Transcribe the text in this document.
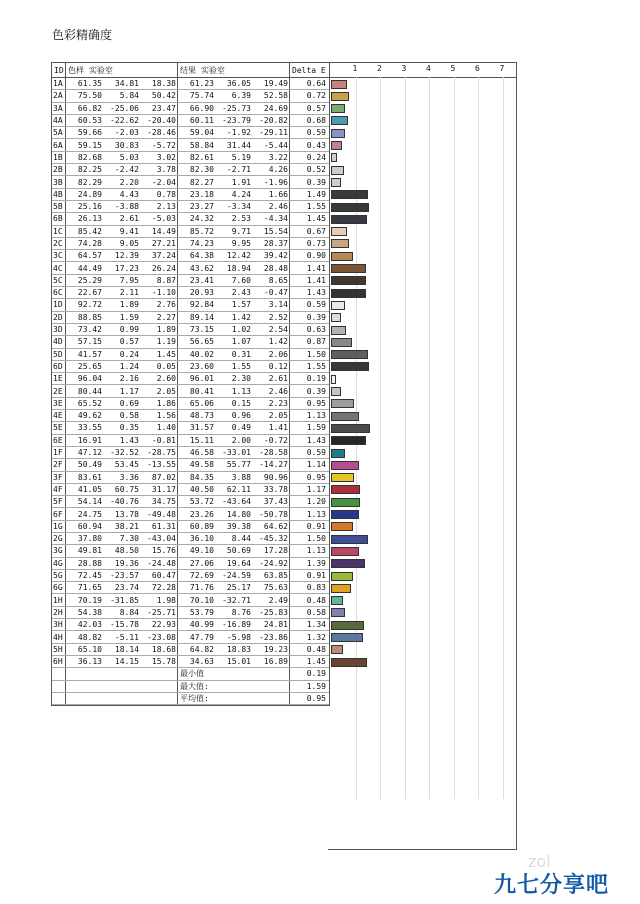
色彩精确度
ID 色样 实验室	结果 实验室	Delta E
1A	61.35	34.81	18.38	61.23	36.05	19.49	0.64
2A	75.50	5.84	50.42	75.74	6.39	52.58	0.72
3A	66.82	-25.06	23.47	66.90	-25.73	24.69	0.57
4A	60.53	-22.62	-20.40	60.11	-23.79	-20.82	0.68
5A	59.66	-2.03	-28.46	59.04	-1.92	-29.11	0.59
6A	59.15	30.83	-5.72	58.84	31.44	-5.44	0.43
1B	82.68	5.03	3.02	82.61	5.19	3.22	0.24
2B	82.25	-2.42	3.78	82.30	-2.71	4.26	0.52
3B	82.29	2.20	-2.04	82.27	1.91	-1.96	0.39
4B	24.89	4.43	0.78	23.18	4.24	1.66	1.49
5B	25.16	-3.88	2.13	23.27	-3.34	2.46	1.55
6B	26.13	2.61	-5.03	24.32	2.53	-4.34	1.45
1C	85.42	9.41	14.49	85.72	9.71	15.54	0.67
2C	74.28	9.05	27.21	74.23	9.95	28.37	0.73
3C	64.57	12.39	37.24	64.38	12.42	39.42	0.90
4C	44.49	17.23	26.24	43.62	18.94	28.48	1.41
5C	25.29	7.95	8.87	23.41	7.60	8.65	1.41
6C	22.67	2.11	-1.10	20.93	2.43	-0.47	1.43
1D	92.72	1.89	2.76	92.84	1.57	3.14	0.59
2D	88.85	1.59	2.27	89.14	1.42	2.52	0.39
3D	73.42	0.99	1.89	73.15	1.02	2.54	0.63
4D	57.15	0.57	1.19	56.65	1.07	1.42	0.87
5D	41.57	0.24	1.45	40.02	0.31	2.06	1.50
6D	25.65	1.24	0.05	23.60	1.55	0.12	1.55
1E	96.04	2.16	2.60	96.01	2.30	2.61	0.19
2E	80.44	1.17	2.05	80.41	1.13	2.46	0.39
3E	65.52	0.69	1.86	65.06	0.15	2.23	0.95
4E	49.62	0.58	1.56	48.73	0.96	2.05	1.13
5E	33.55	0.35	1.40	31.57	0.49	1.41	1.59
6E	16.91	1.43	-0.81	15.11	2.00	-0.72	1.43
1F	47.12	-32.52	-28.75	46.58	-33.01	-28.58	0.59
2F	50.49	53.45	-13.55	49.58	55.77	-14.27	1.14
3F	83.61	3.36	87.02	84.35	3.88	90.96	0.95
4F	41.05	60.75	31.17	40.50	62.11	33.78	1.17
5F	54.14	-40.76	34.75	53.72	-43.64	37.43	1.20
6F	24.75	13.78	-49.48	23.26	14.80	-50.78	1.13
1G	60.94	38.21	61.31	60.89	39.38	64.62	0.91
2G	37.80	7.30	-43.04	36.10	8.44	-45.32	1.50
3G	49.81	48.50	15.76	49.10	50.69	17.28	1.13
4G	28.88	19.36	-24.48	27.06	19.64	-24.92	1.39
5G	72.45	-23.57	60.47	72.69	-24.59	63.85	0.91
6G	71.65	23.74	72.28	71.76	25.17	75.63	0.83
1H	70.19	-31.85	1.98	70.10	-32.71	2.49	0.48
2H	54.38	8.84	-25.71	53.79	8.76	-25.83	0.58
3H	42.03	-15.78	22.93	40.99	-16.89	24.81	1.34
4H	48.82	-5.11	-23.08	47.79	-5.98	-23.86	1.32
5H	65.10	18.14	18.68	64.82	18.83	19.23	0.48
6H	36.13	14.15	15.78	34.63	15.01	16.89	1.45
最小值	0.19
最大值:	1.59
平均值:	0.95
1 2 3 4 5 6 7
zol
九七分享吧
